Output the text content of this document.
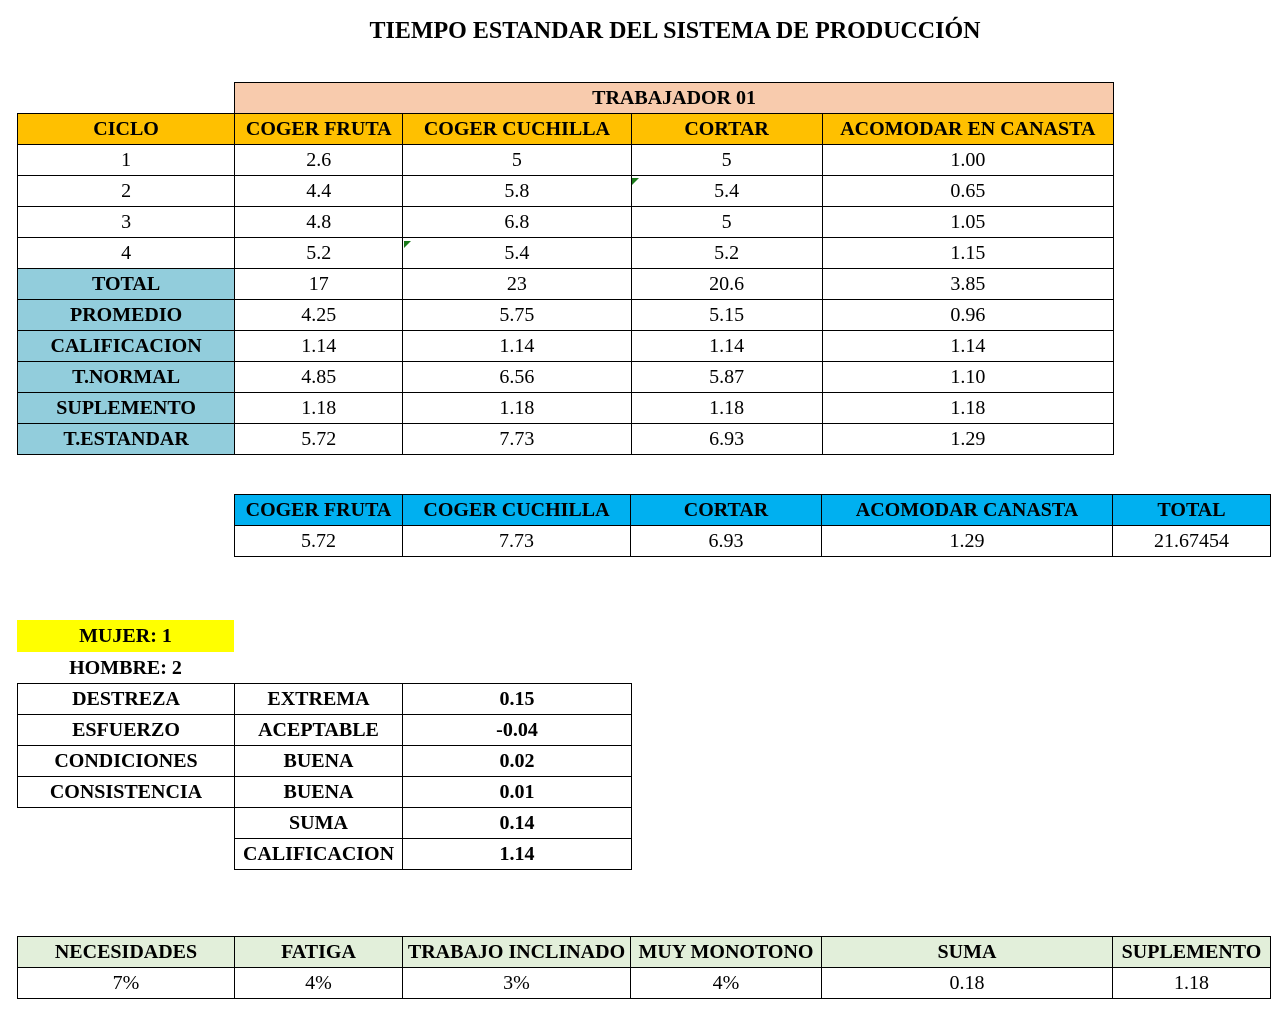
TIEMPO ESTANDAR DEL SISTEMA DE PRODUCCIÓN
	TRABAJADOR 01			
CICLO	COGER FRUTA	COGER CUCHILLA	CORTAR	ACOMODAR EN CANASTA
1	2.6	5	5	1.00
2	4.4	5.8	5.4	0.65
3	4.8	6.8	5	1.05
4	5.2	5.4	5.2	1.15
TOTAL	17	23	20.6	3.85
PROMEDIO	4.25	5.75	5.15	0.96
CALIFICACION	1.14	1.14	1.14	1.14
T.NORMAL	4.85	6.56	5.87	1.10
SUPLEMENTO	1.18	1.18	1.18	1.18
T.ESTANDAR	5.72	7.73	6.93	1.29
COGER FRUTA	COGER CUCHILLA	CORTAR	ACOMODAR CANASTA	TOTAL
5.72	7.73	6.93	1.29	21.67454
MUJER: 1
HOMBRE: 2
DESTREZA	EXTREMA	0.15
ESFUERZO	ACEPTABLE	-0.04
CONDICIONES	BUENA	0.02
CONSISTENCIA	BUENA	0.01
	SUMA	0.14
	CALIFICACION	1.14
NECESIDADES	FATIGA	TRABAJO INCLINADO	MUY MONOTONO	SUMA	SUPLEMENTO
7%	4%	3%	4%	0.18	1.18
